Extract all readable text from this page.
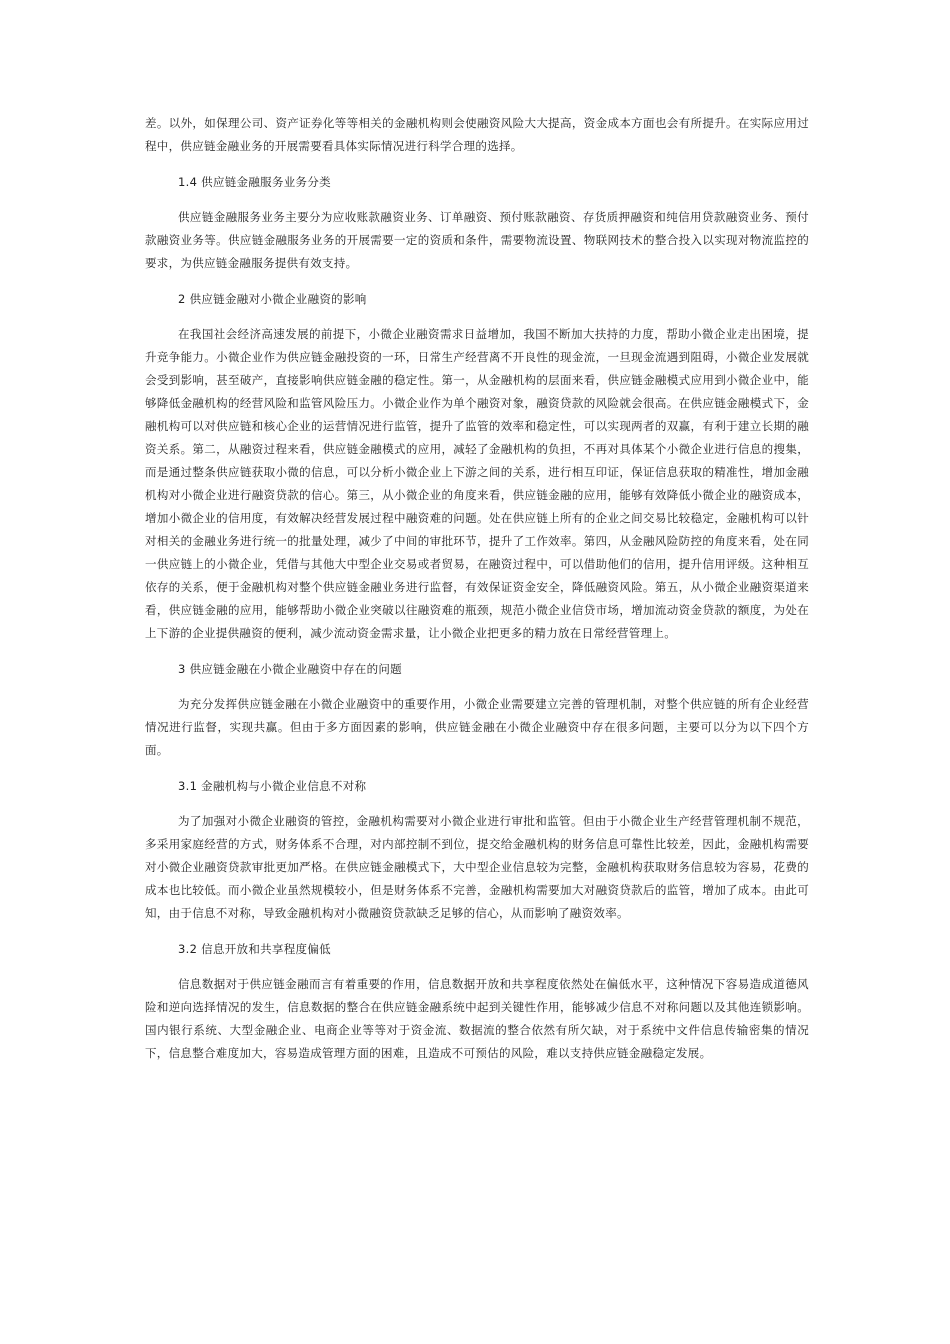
差。以外，如保理公司、资产证券化等等相关的金融机构则会使融资风险大大提高，资金成本方面也会有所提升。在实际应用过程中，供应链金融业务的开展需要看具体实际情况进行科学合理的选择。

1.4 供应链金融服务业务分类

供应链金融服务业务主要分为应收账款融资业务、订单融资、预付账款融资、存货质押融资和纯信用贷款融资业务、预付款融资业务等。供应链金融服务业务的开展需要一定的资质和条件，需要物流设置、物联网技术的整合投入以实现对物流监控的要求，为供应链金融服务提供有效支持。

2 供应链金融对小微企业融资的影响

在我国社会经济高速发展的前提下，小微企业融资需求日益增加，我国不断加大扶持的力度，帮助小微企业走出困境，提升竞争能力。小微企业作为供应链金融投资的一环，日常生产经营离不开良性的现金流，一旦现金流遇到阻碍，小微企业发展就会受到影响，甚至破产，直接影响供应链金融的稳定性。第一，从金融机构的层面来看，供应链金融模式应用到小微企业中，能够降低金融机构的经营风险和监管风险压力。小微企业作为单个融资对象，融资贷款的风险就会很高。在供应链金融模式下，金融机构可以对供应链和核心企业的运营情况进行监管，提升了监管的效率和稳定性，可以实现两者的双赢，有利于建立长期的融资关系。第二，从融资过程来看，供应链金融模式的应用，减轻了金融机构的负担，不再对具体某个小微企业进行信息的搜集，而是通过整条供应链获取小微的信息，可以分析小微企业上下游之间的关系，进行相互印证，保证信息获取的精准性，增加金融机构对小微企业进行融资贷款的信心。第三，从小微企业的角度来看，供应链金融的应用，能够有效降低小微企业的融资成本，增加小微企业的信用度，有效解决经营发展过程中融资难的问题。处在供应链上所有的企业之间交易比较稳定，金融机构可以针对相关的金融业务进行统一的批量处理，减少了中间的审批环节，提升了工作效率。第四，从金融风险防控的角度来看，处在同一供应链上的小微企业，凭借与其他大中型企业交易或者贸易，在融资过程中，可以借助他们的信用，提升信用评级。这种相互依存的关系，便于金融机构对整个供应链金融业务进行监督，有效保证资金安全，降低融资风险。第五，从小微企业融资渠道来看，供应链金融的应用，能够帮助小微企业突破以往融资难的瓶颈，规范小微企业信贷市场，增加流动资金贷款的额度，为处在上下游的企业提供融资的便利，减少流动资金需求量，让小微企业把更多的精力放在日常经营管理上。

3 供应链金融在小微企业融资中存在的问题

为充分发挥供应链金融在小微企业融资中的重要作用，小微企业需要建立完善的管理机制，对整个供应链的所有企业经营情况进行监督，实现共赢。但由于多方面因素的影响，供应链金融在小微企业融资中存在很多问题，主要可以分为以下四个方面。

3.1 金融机构与小微企业信息不对称

为了加强对小微企业融资的管控，金融机构需要对小微企业进行审批和监管。但由于小微企业生产经营管理机制不规范，多采用家庭经营的方式，财务体系不合理，对内部控制不到位，提交给金融机构的财务信息可靠性比较差，因此，金融机构需要对小微企业融资贷款审批更加严格。在供应链金融模式下，大中型企业信息较为完整，金融机构获取财务信息较为容易，花费的成本也比较低。而小微企业虽然规模较小，但是财务体系不完善，金融机构需要加大对融资贷款后的监管，增加了成本。由此可知，由于信息不对称，导致金融机构对小微融资贷款缺乏足够的信心，从而影响了融资效率。

3.2 信息开放和共享程度偏低

信息数据对于供应链金融而言有着重要的作用，信息数据开放和共享程度依然处在偏低水平，这种情况下容易造成道德风险和逆向选择情况的发生，信息数据的整合在供应链金融系统中起到关键性作用，能够减少信息不对称问题以及其他连锁影响。国内银行系统、大型金融企业、电商企业等等对于资金流、数据流的整合依然有所欠缺，对于系统中文件信息传输密集的情况下，信息整合难度加大，容易造成管理方面的困难，且造成不可预估的风险，难以支持供应链金融稳定发展。
